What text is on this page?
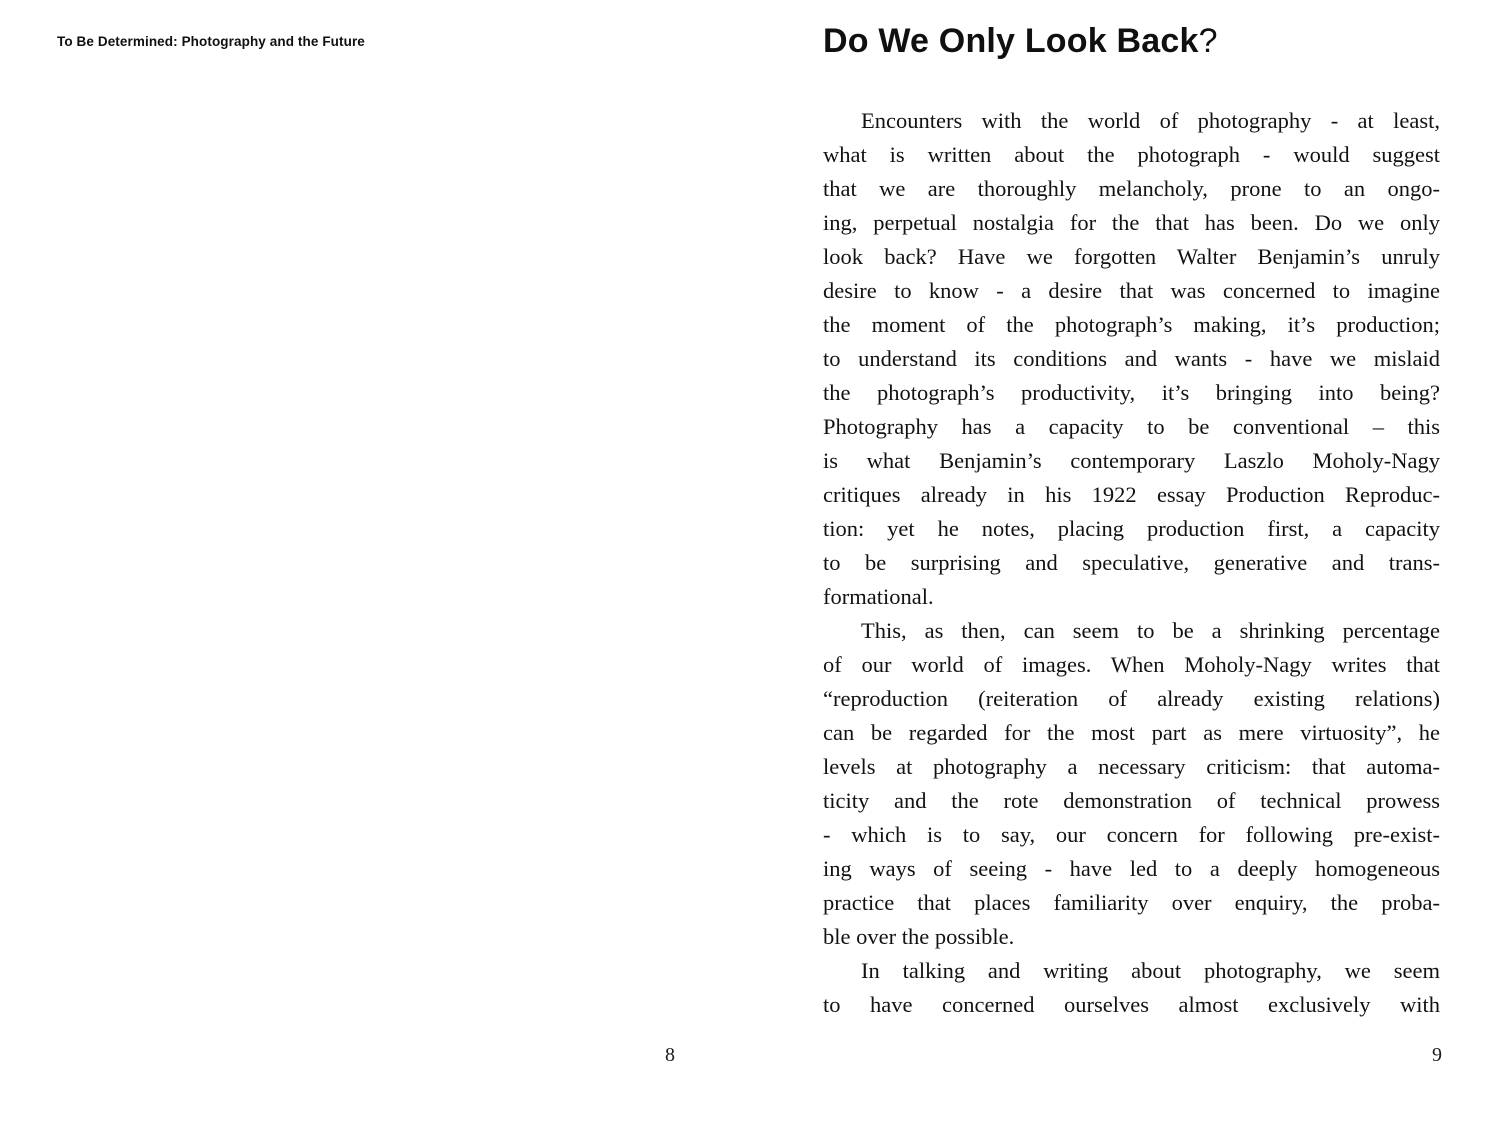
To Be Determined: Photography and the Future	Do We Only Look Back?
Encounters with the world of photography - at least,
what is written about the photograph - would suggest
that we are thoroughly melancholy, prone to an ongo-
ing, perpetual nostalgia for the that has been. Do we only
look back? Have we forgotten Walter Benjamin’s unruly
desire to know - a desire that was concerned to imagine
the moment of the photograph’s making, it’s production;
to understand its conditions and wants - have we mislaid
the photograph’s productivity, it’s bringing into being?
Photography has a capacity to be conventional – this
is what Benjamin’s contemporary Laszlo Moholy-Nagy
critiques already in his 1922 essay Production Reproduc-
tion: yet he notes, placing production first, a capacity
to be surprising and speculative, generative and trans-
formational.
This, as then, can seem to be a shrinking percentage
of our world of images. When Moholy-Nagy writes that
“reproduction (reiteration of already existing relations)
can be regarded for the most part as mere virtuosity”, he
levels at photography a necessary criticism: that automa-
ticity and the rote demonstration of technical prowess
- which is to say, our concern for following pre-exist-
ing ways of seeing - have led to a deeply homogeneous
practice that places familiarity over enquiry, the proba-
ble over the possible.
In talking and writing about photography, we seem
to have concerned ourselves almost exclusively with
8	9
